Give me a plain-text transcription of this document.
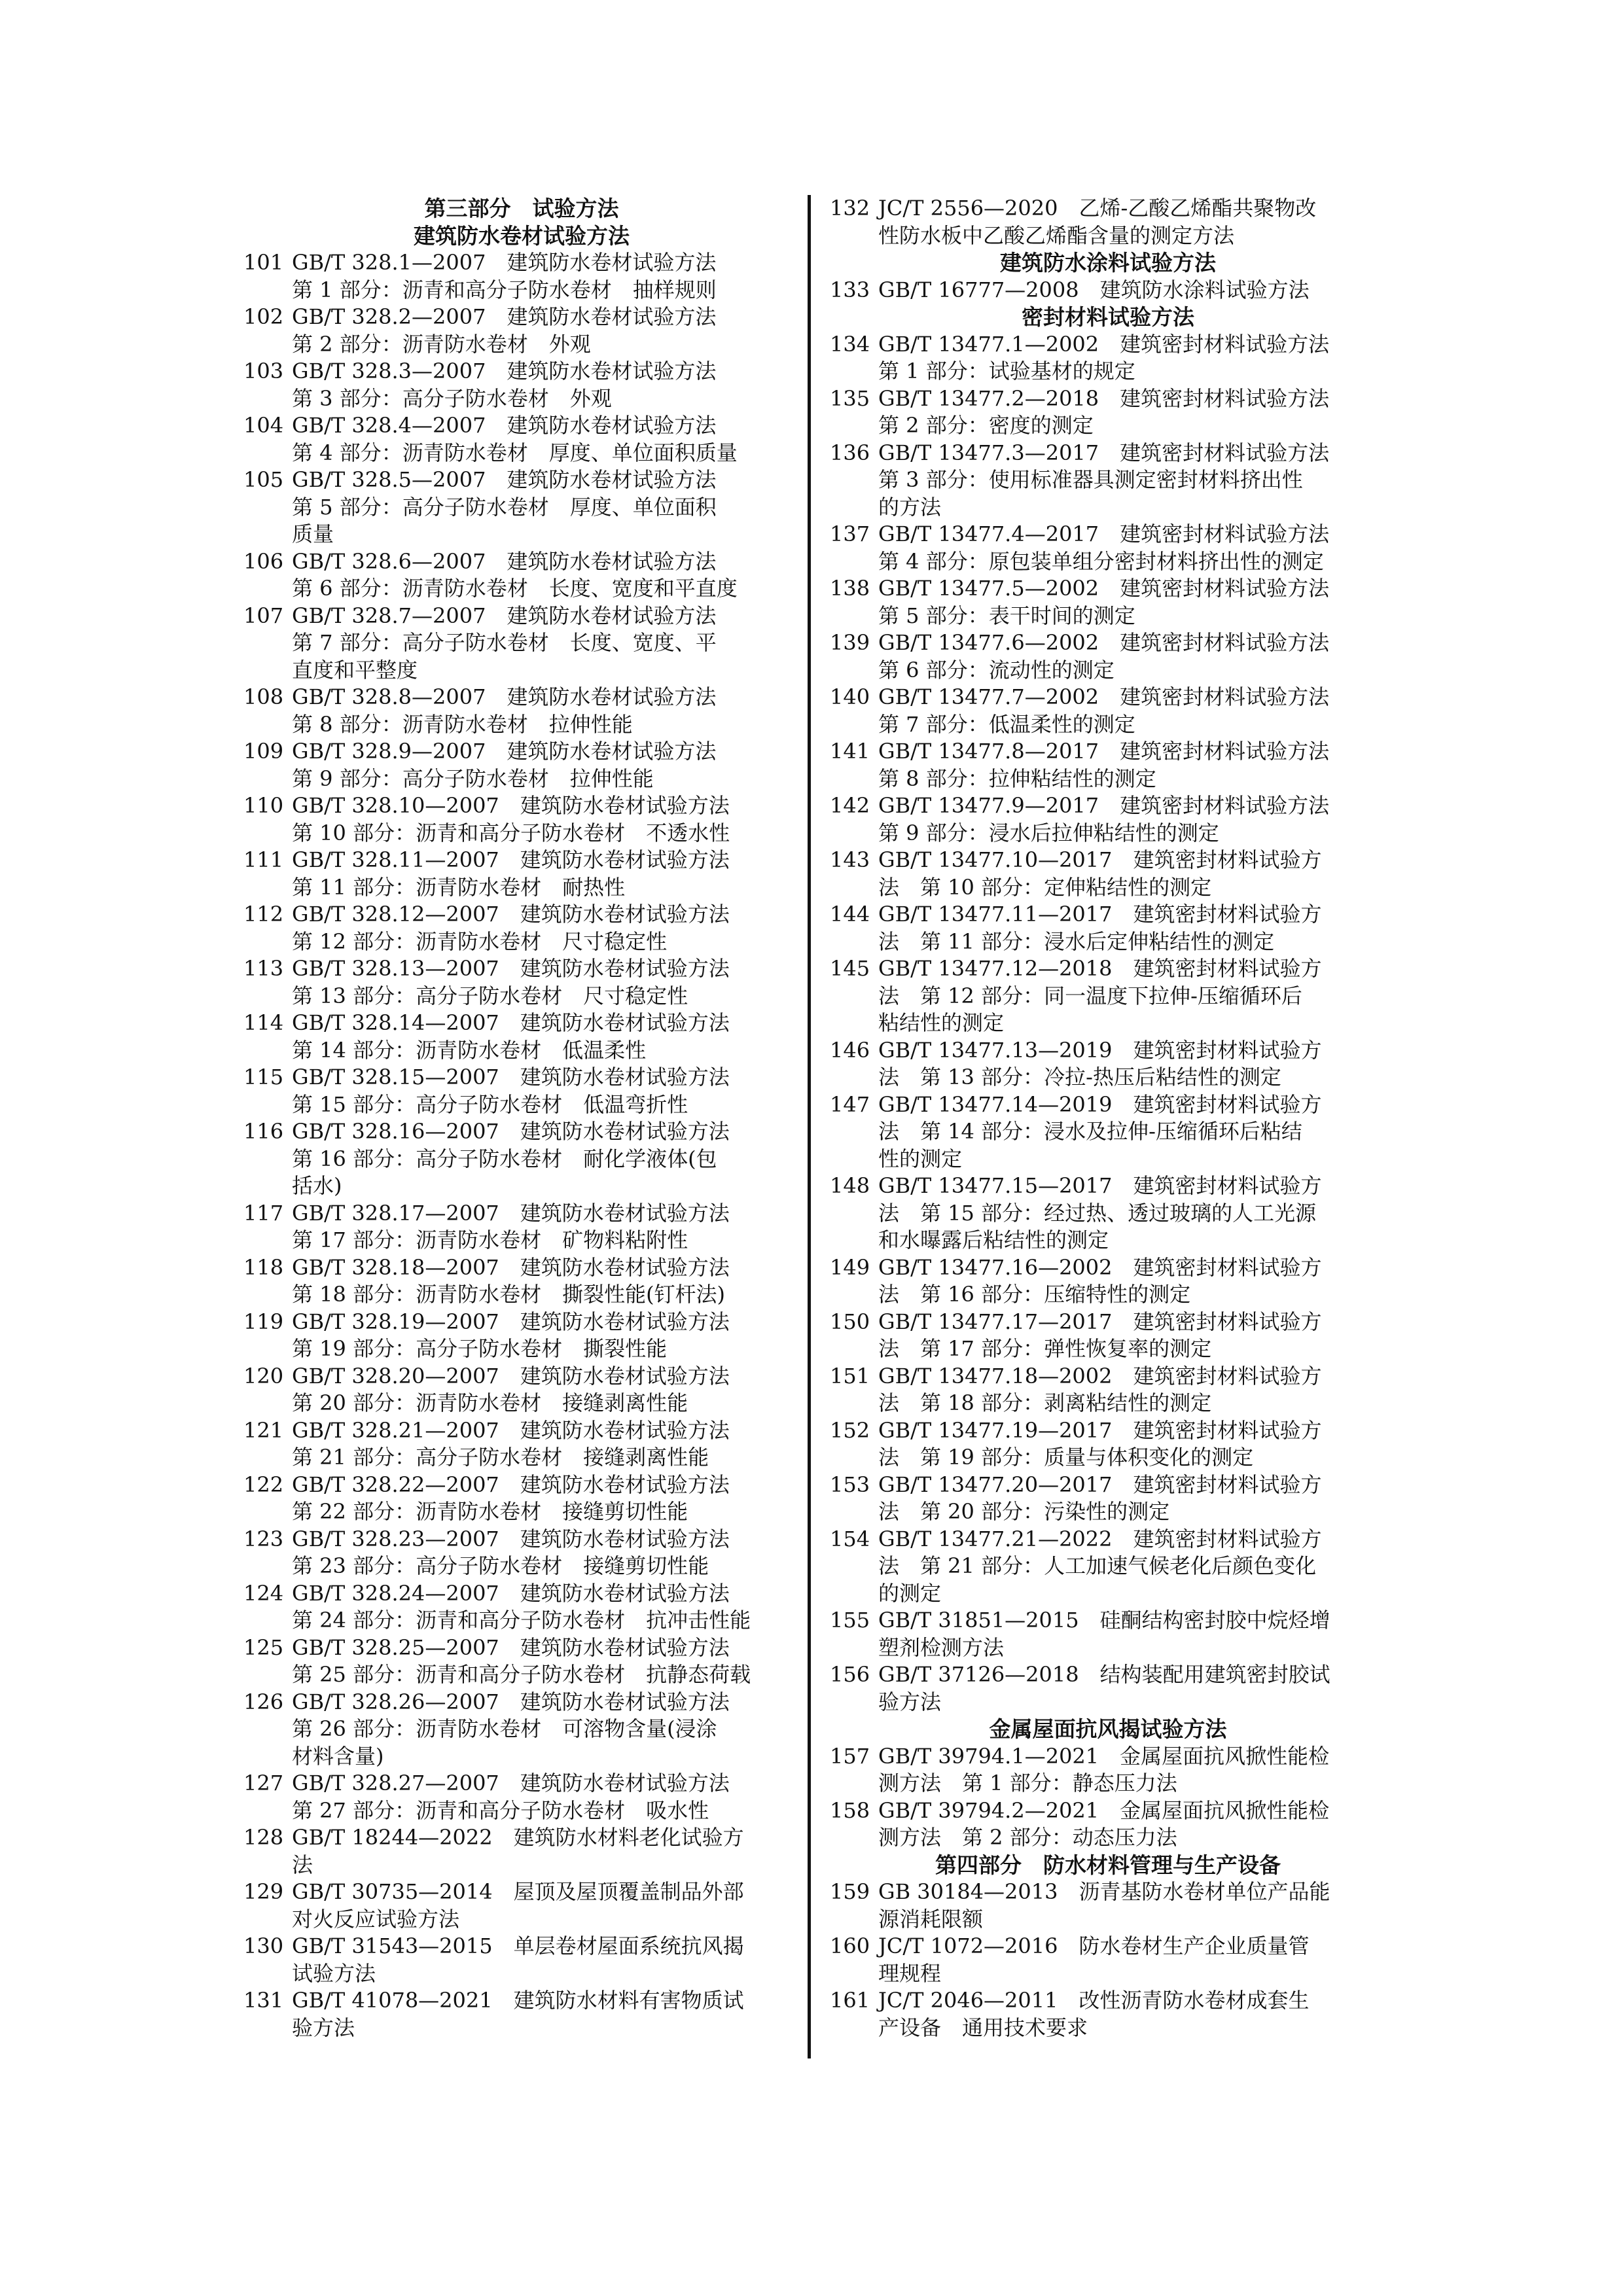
第三部分　试验方法
建筑防水卷材试验方法
101 GB/T 328.1—2007　建筑防水卷材试验方法
第 1 部分：沥青和高分子防水卷材　抽样规则
102 GB/T 328.2—2007　建筑防水卷材试验方法
第 2 部分：沥青防水卷材　外观
103 GB/T 328.3—2007　建筑防水卷材试验方法
第 3 部分：高分子防水卷材　外观
104 GB/T 328.4—2007　建筑防水卷材试验方法
第 4 部分：沥青防水卷材　厚度、单位面积质量
105 GB/T 328.5—2007　建筑防水卷材试验方法
第 5 部分：高分子防水卷材　厚度、单位面积
质量
106 GB/T 328.6—2007　建筑防水卷材试验方法
第 6 部分：沥青防水卷材　长度、宽度和平直度
107 GB/T 328.7—2007　建筑防水卷材试验方法
第 7 部分：高分子防水卷材　长度、宽度、平
直度和平整度
108 GB/T 328.8—2007　建筑防水卷材试验方法
第 8 部分：沥青防水卷材　拉伸性能
109 GB/T 328.9—2007　建筑防水卷材试验方法
第 9 部分：高分子防水卷材　拉伸性能
110 GB/T 328.10—2007　建筑防水卷材试验方法
第 10 部分：沥青和高分子防水卷材　不透水性
111 GB/T 328.11—2007　建筑防水卷材试验方法
第 11 部分：沥青防水卷材　耐热性
112 GB/T 328.12—2007　建筑防水卷材试验方法
第 12 部分：沥青防水卷材　尺寸稳定性
113 GB/T 328.13—2007　建筑防水卷材试验方法
第 13 部分：高分子防水卷材　尺寸稳定性
114 GB/T 328.14—2007　建筑防水卷材试验方法
第 14 部分：沥青防水卷材　低温柔性
115 GB/T 328.15—2007　建筑防水卷材试验方法
第 15 部分：高分子防水卷材　低温弯折性
116 GB/T 328.16—2007　建筑防水卷材试验方法
第 16 部分：高分子防水卷材　耐化学液体(包
括水)
117 GB/T 328.17—2007　建筑防水卷材试验方法
第 17 部分：沥青防水卷材　矿物料粘附性
118 GB/T 328.18—2007　建筑防水卷材试验方法
第 18 部分：沥青防水卷材　撕裂性能(钉杆法)
119 GB/T 328.19—2007　建筑防水卷材试验方法
第 19 部分：高分子防水卷材　撕裂性能
120 GB/T 328.20—2007　建筑防水卷材试验方法
第 20 部分：沥青防水卷材　接缝剥离性能
121 GB/T 328.21—2007　建筑防水卷材试验方法
第 21 部分：高分子防水卷材　接缝剥离性能
122 GB/T 328.22—2007　建筑防水卷材试验方法
第 22 部分：沥青防水卷材　接缝剪切性能
123 GB/T 328.23—2007　建筑防水卷材试验方法
第 23 部分：高分子防水卷材　接缝剪切性能
124 GB/T 328.24—2007　建筑防水卷材试验方法
第 24 部分：沥青和高分子防水卷材　抗冲击性能
125 GB/T 328.25—2007　建筑防水卷材试验方法
第 25 部分：沥青和高分子防水卷材　抗静态荷载
126 GB/T 328.26—2007　建筑防水卷材试验方法
第 26 部分：沥青防水卷材　可溶物含量(浸涂
材料含量)
127 GB/T 328.27—2007　建筑防水卷材试验方法
第 27 部分：沥青和高分子防水卷材　吸水性
128 GB/T 18244—2022　建筑防水材料老化试验方
法
129 GB/T 30735—2014　屋顶及屋顶覆盖制品外部
对火反应试验方法
130 GB/T 31543—2015　单层卷材屋面系统抗风揭
试验方法
131 GB/T 41078—2021　建筑防水材料有害物质试
验方法
132 JC/T 2556—2020　乙烯-乙酸乙烯酯共聚物改
性防水板中乙酸乙烯酯含量的测定方法
建筑防水涂料试验方法
133 GB/T 16777—2008　建筑防水涂料试验方法
密封材料试验方法
134 GB/T 13477.1—2002　建筑密封材料试验方法
第 1 部分：试验基材的规定
135 GB/T 13477.2—2018　建筑密封材料试验方法
第 2 部分：密度的测定
136 GB/T 13477.3—2017　建筑密封材料试验方法
第 3 部分：使用标准器具测定密封材料挤出性
的方法
137 GB/T 13477.4—2017　建筑密封材料试验方法
第 4 部分：原包装单组分密封材料挤出性的测定
138 GB/T 13477.5—2002　建筑密封材料试验方法
第 5 部分：表干时间的测定
139 GB/T 13477.6—2002　建筑密封材料试验方法
第 6 部分：流动性的测定
140 GB/T 13477.7—2002　建筑密封材料试验方法
第 7 部分：低温柔性的测定
141 GB/T 13477.8—2017　建筑密封材料试验方法
第 8 部分：拉伸粘结性的测定
142 GB/T 13477.9—2017　建筑密封材料试验方法
第 9 部分：浸水后拉伸粘结性的测定
143 GB/T 13477.10—2017　建筑密封材料试验方
法　第 10 部分：定伸粘结性的测定
144 GB/T 13477.11—2017　建筑密封材料试验方
法　第 11 部分：浸水后定伸粘结性的测定
145 GB/T 13477.12—2018　建筑密封材料试验方
法　第 12 部分：同一温度下拉伸-压缩循环后
粘结性的测定
146 GB/T 13477.13—2019　建筑密封材料试验方
法　第 13 部分：冷拉-热压后粘结性的测定
147 GB/T 13477.14—2019　建筑密封材料试验方
法　第 14 部分：浸水及拉伸-压缩循环后粘结
性的测定
148 GB/T 13477.15—2017　建筑密封材料试验方
法　第 15 部分：经过热、透过玻璃的人工光源
和水曝露后粘结性的测定
149 GB/T 13477.16—2002　建筑密封材料试验方
法　第 16 部分：压缩特性的测定
150 GB/T 13477.17—2017　建筑密封材料试验方
法　第 17 部分：弹性恢复率的测定
151 GB/T 13477.18—2002　建筑密封材料试验方
法　第 18 部分：剥离粘结性的测定
152 GB/T 13477.19—2017　建筑密封材料试验方
法　第 19 部分：质量与体积变化的测定
153 GB/T 13477.20—2017　建筑密封材料试验方
法　第 20 部分：污染性的测定
154 GB/T 13477.21—2022　建筑密封材料试验方
法　第 21 部分：人工加速气候老化后颜色变化
的测定
155 GB/T 31851—2015　硅酮结构密封胶中烷烃增
塑剂检测方法
156 GB/T 37126—2018　结构装配用建筑密封胶试
验方法
金属屋面抗风揭试验方法
157 GB/T 39794.1—2021　金属屋面抗风掀性能检
测方法　第 1 部分：静态压力法
158 GB/T 39794.2—2021　金属屋面抗风掀性能检
测方法　第 2 部分：动态压力法
第四部分　防水材料管理与生产设备
159 GB 30184—2013　沥青基防水卷材单位产品能
源消耗限额
160 JC/T 1072—2016　防水卷材生产企业质量管
理规程
161 JC/T 2046—2011　改性沥青防水卷材成套生
产设备　通用技术要求
